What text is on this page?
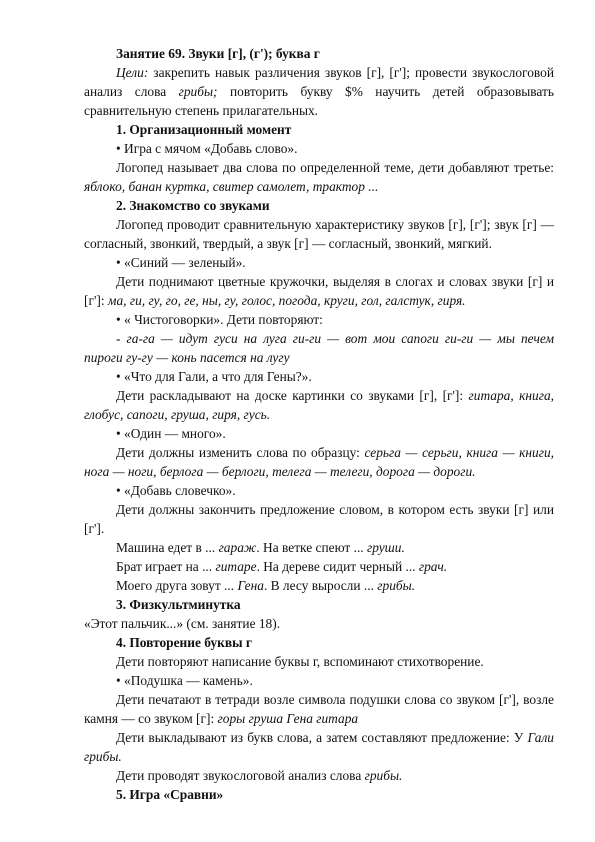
Занятие 69. Звуки [г], (г'); буква г

Цели: закрепить навык различения звуков [г], [г']; провести звукослоговой анализ слова грибы; повторить букву $% научить детей образовывать сравнительную степень прилагательных.

1. Организационный момент

• Игра с мячом «Добавь слово».

Логопед называет два слова по определенной теме, дети добавляют третье: яблоко, банан куртка, свитер самолет, трактор ...

2. Знакомство со звуками

Логопед проводит сравнительную характеристику звуков [г], [г']; звук [г] — согласный, звонкий, твердый, а звук [г] — согласный, звонкий, мягкий.

• «Синий — зеленый».

Дети поднимают цветные кружочки, выделяя в слогах и словах звуки [г] и [г']: ма, ги, гу, го, ге, ны, гу, голос, погода, круги, гол, галстук, гиря.

• « Чистоговорки». Дети повторяют:

- га-га — идут гуси на луга ги-ги — вот мои сапоги ги-ги — мы печем пироги гу-гу — конь пасется на лугу

• «Что для Гали, а что для Гены?».

Дети раскладывают на доске картинки со звуками [г], [г']: гитара, книга, глобус, сапоги, груша, гиря, гусь.

• «Один — много».

Дети должны изменить слова по образцу: серьга — серьги, книга — книги, нога — ноги, берлога — берлоги, телега — телеги, дорога — дороги.

• «Добавь словечко».

Дети должны закончить предложение словом, в котором есть звуки [г] или [г'].

Машина едет в ... гараж. На ветке спеют ... груши.

Брат играет на ... гитаре. На дереве сидит черный ... грач.

Моего друга зовут ... Гена. В лесу выросли ... грибы.

3. Физкультминутка

«Этот пальчик...» (см. занятие 18).

4. Повторение буквы г

Дети повторяют написание буквы г, вспоминают стихотворение.

• «Подушка — камень».

Дети печатают в тетради возле символа подушки слова со звуком [г'], возле камня — со звуком [г]: горы груша Гена гитара

Дети выкладывают из букв слова, а затем составляют предложение: У Гали грибы.

Дети проводят звукослоговой анализ слова грибы.

5. Игра «Сравни»
